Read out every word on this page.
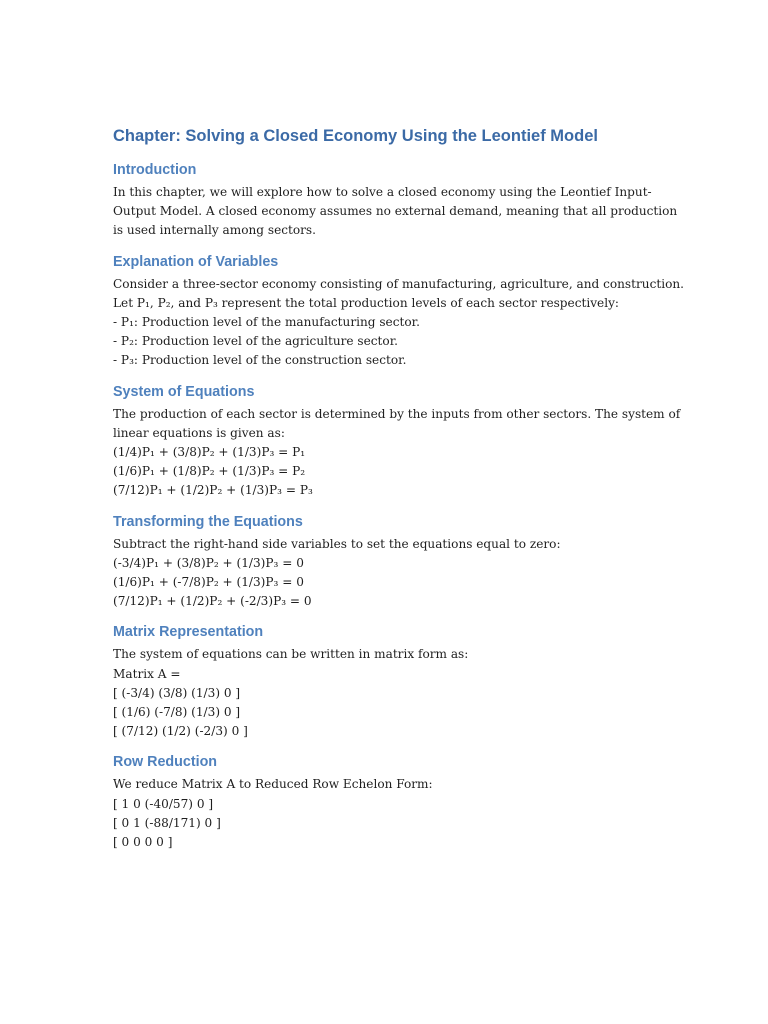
Chapter: Solving a Closed Economy Using the Leontief Model
Introduction
In this chapter, we will explore how to solve a closed economy using the Leontief Input-
Output Model. A closed economy assumes no external demand, meaning that all production
is used internally among sectors.
Explanation of Variables
Consider a three-sector economy consisting of manufacturing, agriculture, and construction.
Let P₁, P₂, and P₃ represent the total production levels of each sector respectively:
- P₁: Production level of the manufacturing sector.
- P₂: Production level of the agriculture sector.
- P₃: Production level of the construction sector.
System of Equations
The production of each sector is determined by the inputs from other sectors. The system of
linear equations is given as:
(1/4)P₁ + (3/8)P₂ + (1/3)P₃ = P₁
(1/6)P₁ + (1/8)P₂ + (1/3)P₃ = P₂
(7/12)P₁ + (1/2)P₂ + (1/3)P₃ = P₃
Transforming the Equations
Subtract the right-hand side variables to set the equations equal to zero:
(-3/4)P₁ + (3/8)P₂ + (1/3)P₃ = 0
(1/6)P₁ + (-7/8)P₂ + (1/3)P₃ = 0
(7/12)P₁ + (1/2)P₂ + (-2/3)P₃ = 0
Matrix Representation
The system of equations can be written in matrix form as:
Matrix A =
[ (-3/4) (3/8) (1/3) 0 ]
[ (1/6) (-7/8) (1/3) 0 ]
[ (7/12) (1/2) (-2/3) 0 ]
Row Reduction
We reduce Matrix A to Reduced Row Echelon Form:
[ 1 0 (-40/57) 0 ]
[ 0 1 (-88/171) 0 ]
[ 0 0 0 0 ]
